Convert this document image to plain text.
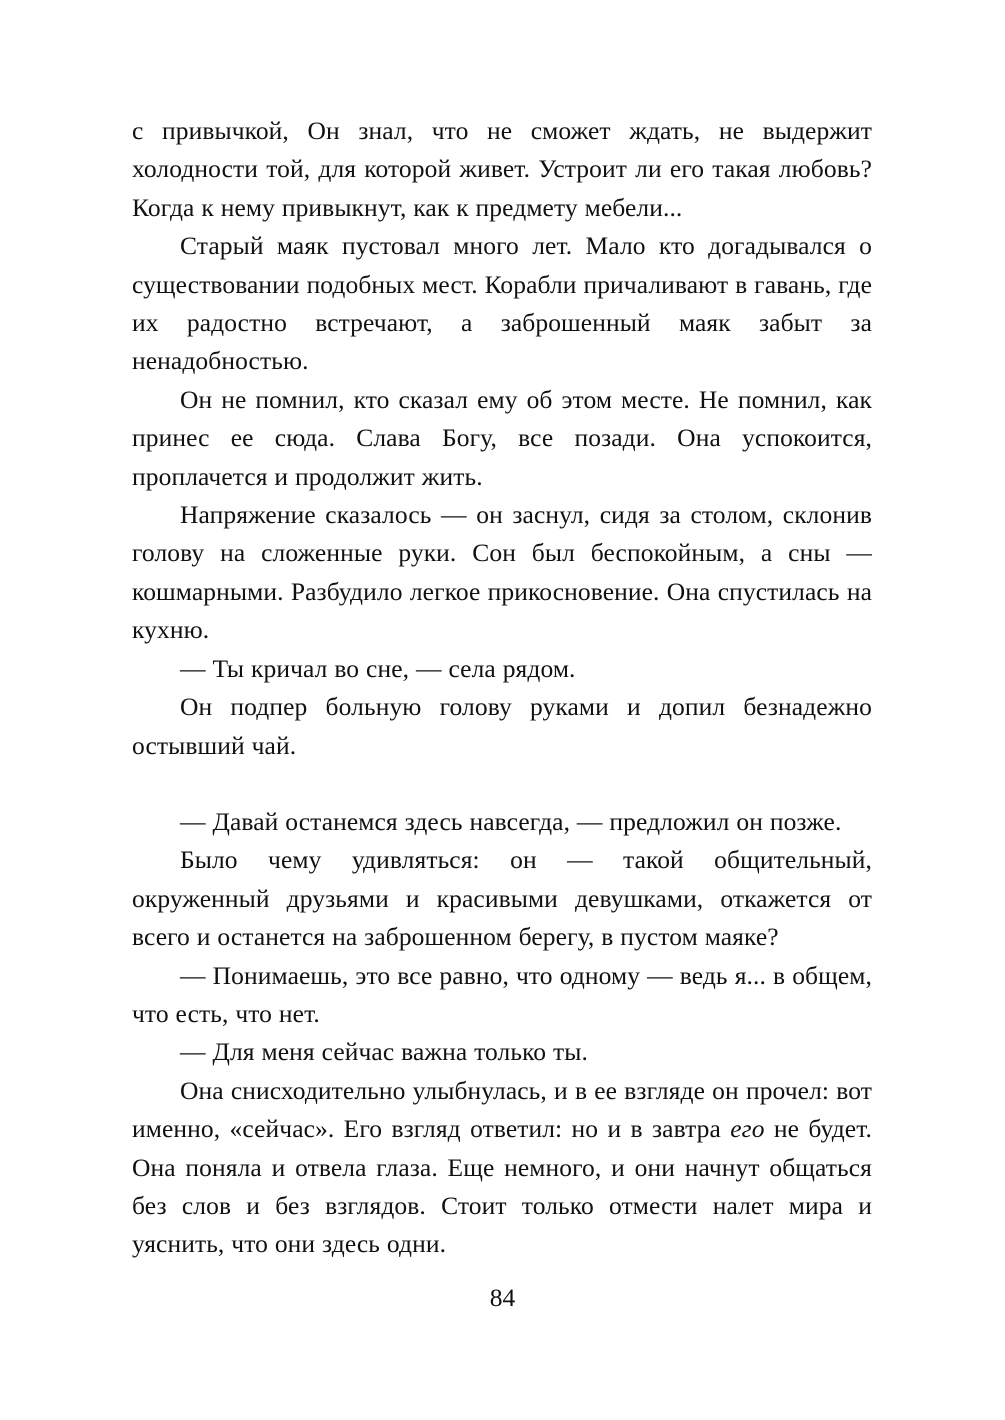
с привычкой, Он знал, что не сможет ждать, не выдержит холодности той, для которой живет. Устроит ли его такая любовь? Когда к нему привыкнут, как к предмету мебели...

Старый маяк пустовал много лет. Мало кто догадывался о существовании подобных мест. Корабли причаливают в гавань, где их радостно встречают, а заброшенный маяк забыт за ненадобностью.

Он не помнил, кто сказал ему об этом месте. Не помнил, как принес ее сюда. Слава Богу, все позади. Она успокоится, проплачется и продолжит жить.

Напряжение сказалось — он заснул, сидя за столом, склонив голову на сложенные руки. Сон был беспокойным, а сны — кошмарными. Разбудило легкое прикосновение. Она спустилась на кухню.

— Ты кричал во сне, — села рядом.

Он подпер больную голову руками и допил безнадежно остывший чай.

— Давай останемся здесь навсегда, — предложил он позже.

Было чему удивляться: он — такой общительный, окруженный друзьями и красивыми девушками, откажется от всего и останется на заброшенном берегу, в пустом маяке?

— Понимаешь, это все равно, что одному — ведь я... в общем, что есть, что нет.

— Для меня сейчас важна только ты.

Она снисходительно улыбнулась, и в ее взгляде он прочел: вот именно, «сейчас». Его взгляд ответил: но и в завтра его не будет. Она поняла и отвела глаза. Еще немного, и они начнут общаться без слов и без взглядов. Стоит только отмести налет мира и уяснить, что они здесь одни.

84
